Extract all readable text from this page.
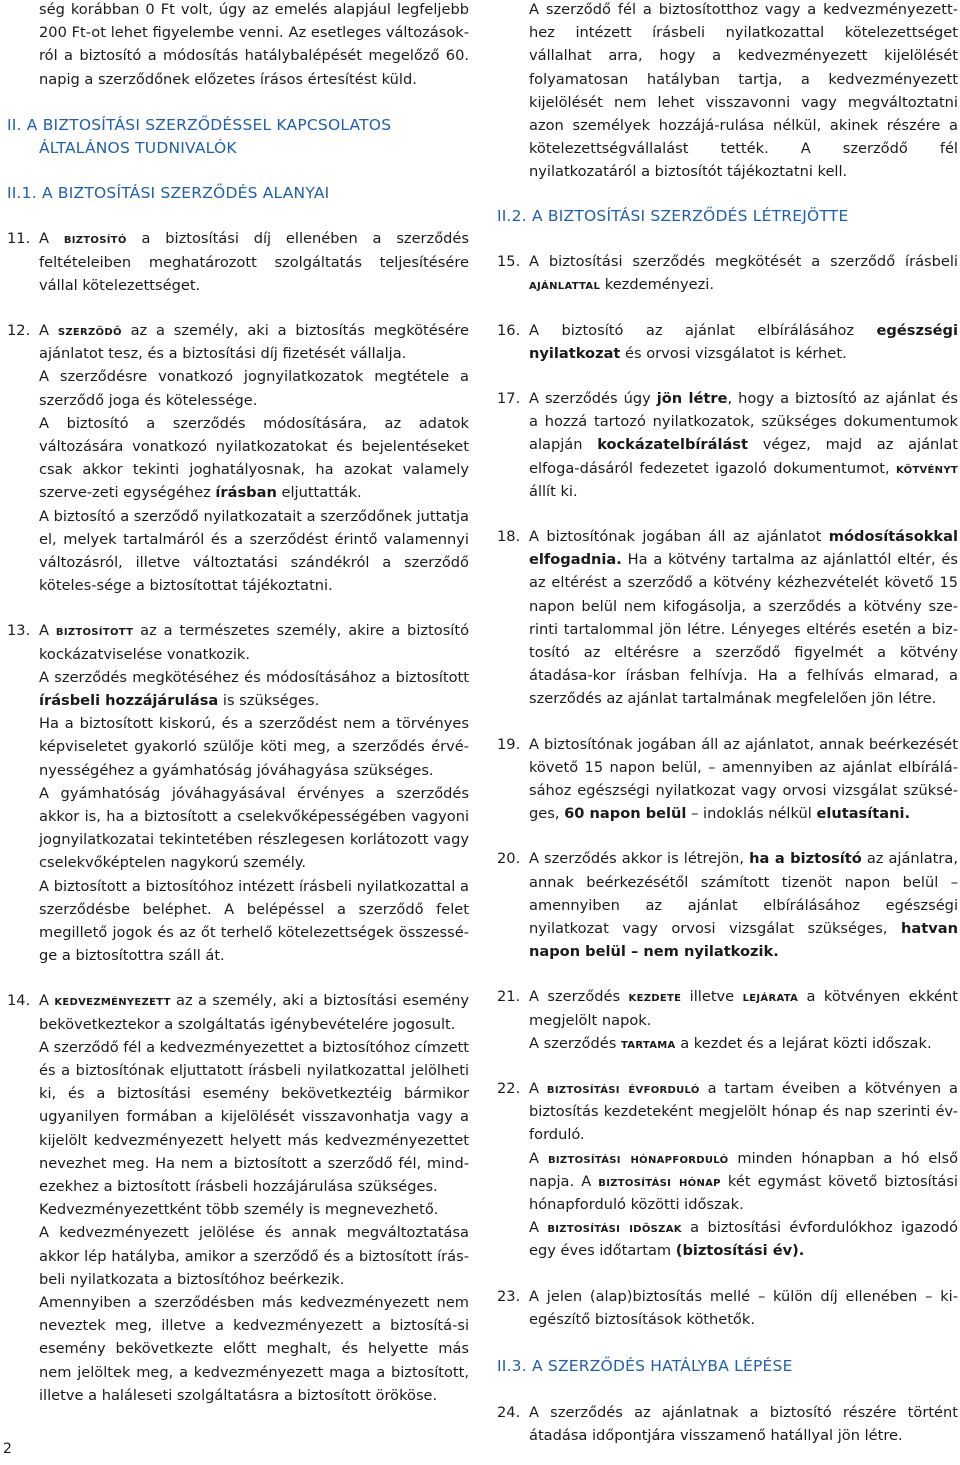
ség korábban 0 Ft volt, úgy az emelés alapjául legfeljebb 200 Ft-ot lehet figyelembe venni. Az esetleges változások-ról a biztosító a módosítás hatálybalépését megelőző 60. napig a szerződőnek előzetes írásos értesítést küld.

II. A BIZTOSÍTÁSI SZERZŐDÉSSEL KAPCSOLATOS ÁLTALÁNOS TUDNIVALÓK
II.1. A BIZTOSÍTÁSI SZERZŐDÉS ALANYAI
11. A biztosító a biztosítási díj ellenében a szerződés feltételeiben meghatározott szolgáltatás teljesítésére vállal kötelezettséget.

12. A szerződő az a személy, aki a biztosítás megkötésére ajánlatot tesz, és a biztosítási díj fizetését vállalja.

A szerződésre vonatkozó jognyilatkozatok megtétele a szerződő joga és kötelessége.

A biztosító a szerződés módosítására, az adatok változására vonatkozó nyilatkozatokat és bejelentéseket csak akkor tekinti joghatályosnak, ha azokat valamely szerve-zeti egységéhez írásban eljuttatták.

A biztosító a szerződő nyilatkozatait a szerződőnek juttatja el, melyek tartalmáról és a szerződést érintő valamennyi változásról, illetve változtatási szándékról a szerződő köteles-sége a biztosítottat tájékoztatni.

13. A biztosított az a természetes személy, akire a biztosító kockázatviselése vonatkozik.

A szerződés megkötéséhez és módosításához a biztosított írásbeli hozzájárulása is szükséges.

Ha a biztosított kiskorú, és a szerződést nem a törvényes képviseletet gyakorló szülője köti meg, a szerződés érvé-nyességéhez a gyámhatóság jóváhagyása szükséges.

A gyámhatóság jóváhagyásával érvényes a szerződés akkor is, ha a biztosított a cselekvőképességében vagyoni jognyilatkozatai tekintetében részlegesen korlátozott vagy cselekvőképtelen nagykorú személy.

A biztosított a biztosítóhoz intézett írásbeli nyilatkozattal a szerződésbe beléphet. A belépéssel a szerződő felet megillető jogok és az őt terhelő kötelezettségek összessé-ge a biztosítottra száll át.

14. A kedvezményezett az a személy, aki a biztosítási esemény bekövetkeztekor a szolgáltatás igénybevételére jogosult.

A szerződő fél a kedvezményezettet a biztosítóhoz címzett és a biztosítónak eljuttatott írásbeli nyilatkozattal jelölheti ki, és a biztosítási esemény bekövetkeztéig bármikor ugyanilyen formában a kijelölését visszavonhatja vagy a kijelölt kedvezményezett helyett más kedvezményezettet nevezhet meg. Ha nem a biztosított a szerződő fél, mind-ezekhez a biztosított írásbeli hozzájárulása szükséges.

Kedvezményezettként több személy is megnevezhető.

A kedvezményezett jelölése és annak megváltoztatása akkor lép hatályba, amikor a szerződő és a biztosított írás-beli nyilatkozata a biztosítóhoz beérkezik.

Amennyiben a szerződésben más kedvezményezett nem neveztek meg, illetve a kedvezményezett a biztosítá-si esemény bekövetkezte előtt meghalt, és helyette más nem jelöltek meg, a kedvezményezett maga a biztosított, illetve a haláleseti szolgáltatásra a biztosított örököse.

A szerződő fél a biztosítotthoz vagy a kedvezményezett-hez intézett írásbeli nyilatkozattal kötelezettséget vállalhat arra, hogy a kedvezményezett kijelölését folyamatosan hatályban tartja, a kedvezményezett kijelölését nem lehet visszavonni vagy megváltoztatni azon személyek hozzájá-rulása nélkül, akinek részére a kötelezettségvállalást tették. A szerződő fél nyilatkozatáról a biztosítót tájékoztatni kell.

II.2. A BIZTOSÍTÁSI SZERZŐDÉS LÉTREJÖTTE
15. A biztosítási szerződés megkötését a szerződő írásbeli ajánlattal kezdeményezi.

16. A biztosító az ajánlat elbírálásához egészségi nyilatkozat és orvosi vizsgálatot is kérhet.

17. A szerződés úgy jön létre, hogy a biztosító az ajánlat és a hozzá tartozó nyilatkozatok, szükséges dokumentumok alapján kockázatelbírálást végez, majd az ajánlat elfoga-dásáról fedezetet igazoló dokumentumot, kötvényt állít ki.

18. A biztosítónak jogában áll az ajánlatot módosításokkal elfogadnia. Ha a kötvény tartalma az ajánlattól eltér, és az eltérést a szerződő a kötvény kézhezvételét követő 15 napon belül nem kifogásolja, a szerződés a kötvény sze-rinti tartalommal jön létre. Lényeges eltérés esetén a biz-tosító az eltérésre a szerződő figyelmét a kötvény átadása-kor írásban felhívja. Ha a felhívás elmarad, a szerződés az ajánlat tartalmának megfelelően jön létre.

19. A biztosítónak jogában áll az ajánlatot, annak beérkezését követő 15 napon belül, – amennyiben az ajánlat elbírálá-sához egészségi nyilatkozat vagy orvosi vizsgálat szüksé-ges, 60 napon belül – indoklás nélkül elutasítani.

20. A szerződés akkor is létrejön, ha a biztosító az ajánlatra, annak beérkezésétől számított tizenöt napon belül – amennyiben az ajánlat elbírálásához egészségi nyilatkozat vagy orvosi vizsgálat szükséges, hatvan napon belül – nem nyilatkozik.

21. A szerződés kezdete illetve lejárata a kötvényen ekként megjelölt napok.

A szerződés tartama a kezdet és a lejárat közti időszak.

22. A biztosítási évforduló a tartam éveiben a kötvényen a biztosítás kezdeteként megjelölt hónap és nap szerinti év-forduló.

A biztosítási hónapforduló minden hónapban a hó első napja. A biztosítási hónap két egymást követő biztosítási hónapforduló közötti időszak.

A biztosítási időszak a biztosítási évfordulókhoz igazodó egy éves időtartam (biztosítási év).

23. A jelen (alap)biztosítás mellé – külön díj ellenében – ki-egészítő biztosítások köthetők.

II.3. A SZERZŐDÉS HATÁLYBA LÉPÉSE
24. A szerződés az ajánlatnak a biztosító részére történt átadása időpontjára visszamenő hatállyal jön létre.

2
